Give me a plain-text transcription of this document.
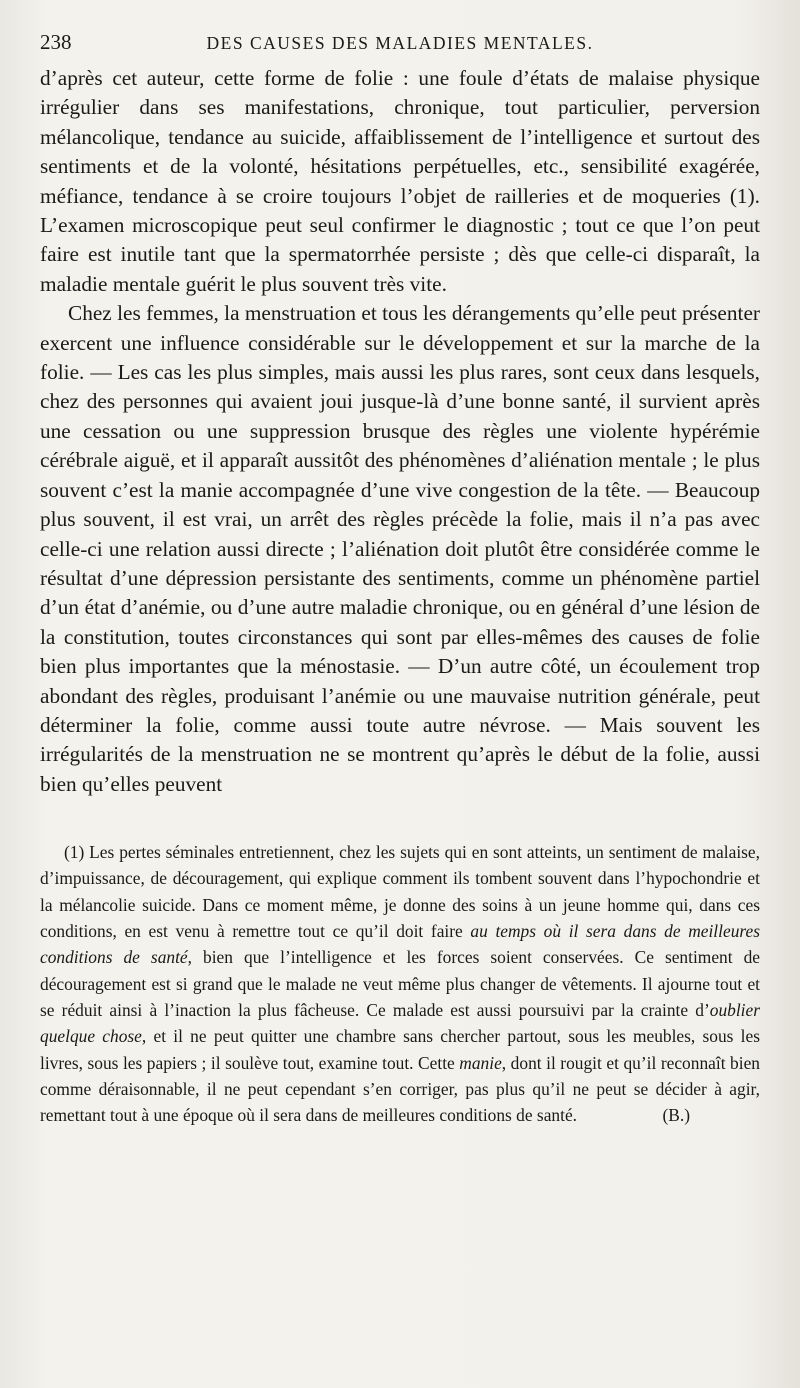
238	DES CAUSES DES MALADIES MENTALES.

d’après cet auteur, cette forme de folie : une foule d’états de malaise physique irrégulier dans ses manifestations, chronique, tout particulier, perversion mélancolique, tendance au suicide, affaiblissement de l’intelligence et surtout des sentiments et de la volonté, hésitations perpétuelles, etc., sensibilité exagérée, méfiance, tendance à se croire toujours l’objet de railleries et de moqueries (1). L’examen microscopique peut seul confirmer le diagnostic ; tout ce que l’on peut faire est inutile tant que la spermatorrhée persiste ; dès que celle-ci disparaît, la maladie mentale guérit le plus souvent très vite.

Chez les femmes, la menstruation et tous les dérangements qu’elle peut présenter exercent une influence considérable sur le développement et sur la marche de la folie. — Les cas les plus simples, mais aussi les plus rares, sont ceux dans lesquels, chez des personnes qui avaient joui jusque-là d’une bonne santé, il survient après une cessation ou une suppression brusque des règles une violente hypérémie cérébrale aiguë, et il apparaît aussitôt des phénomènes d’aliénation mentale ; le plus souvent c’est la manie accompagnée d’une vive congestion de la tête. — Beaucoup plus souvent, il est vrai, un arrêt des règles précède la folie, mais il n’a pas avec celle-ci une relation aussi directe ; l’aliénation doit plutôt être considérée comme le résultat d’une dépression persistante des sentiments, comme un phénomène partiel d’un état d’anémie, ou d’une autre maladie chronique, ou en général d’une lésion de la constitution, toutes circonstances qui sont par elles-mêmes des causes de folie bien plus importantes que la ménostasie. — D’un autre côté, un écoulement trop abondant des règles, produisant l’anémie ou une mauvaise nutrition générale, peut déterminer la folie, comme aussi toute autre névrose. — Mais souvent les irrégularités de la menstruation ne se montrent qu’après le début de la folie, aussi bien qu’elles peuvent

(1) Les pertes séminales entretiennent, chez les sujets qui en sont atteints, un sentiment de malaise, d’impuissance, de découragement, qui explique comment ils tombent souvent dans l’hypochondrie et la mélancolie suicide. Dans ce moment même, je donne des soins à un jeune homme qui, dans ces conditions, en est venu à remettre tout ce qu’il doit faire au temps où il sera dans de meilleures conditions de santé, bien que l’intelligence et les forces soient conservées. Ce sentiment de découragement est si grand que le malade ne veut même plus changer de vêtements. Il ajourne tout et se réduit ainsi à l’inaction la plus fâcheuse. Ce malade est aussi poursuivi par la crainte d’oublier quelque chose, et il ne peut quitter une chambre sans chercher partout, sous les meubles, sous les livres, sous les papiers ; il soulève tout, examine tout. Cette manie, dont il rougit et qu’il reconnaît bien comme déraisonnable, il ne peut cependant s’en corriger, pas plus qu’il ne peut se décider à agir, remettant tout à une époque où il sera dans de meilleures conditions de santé.	(B.)
